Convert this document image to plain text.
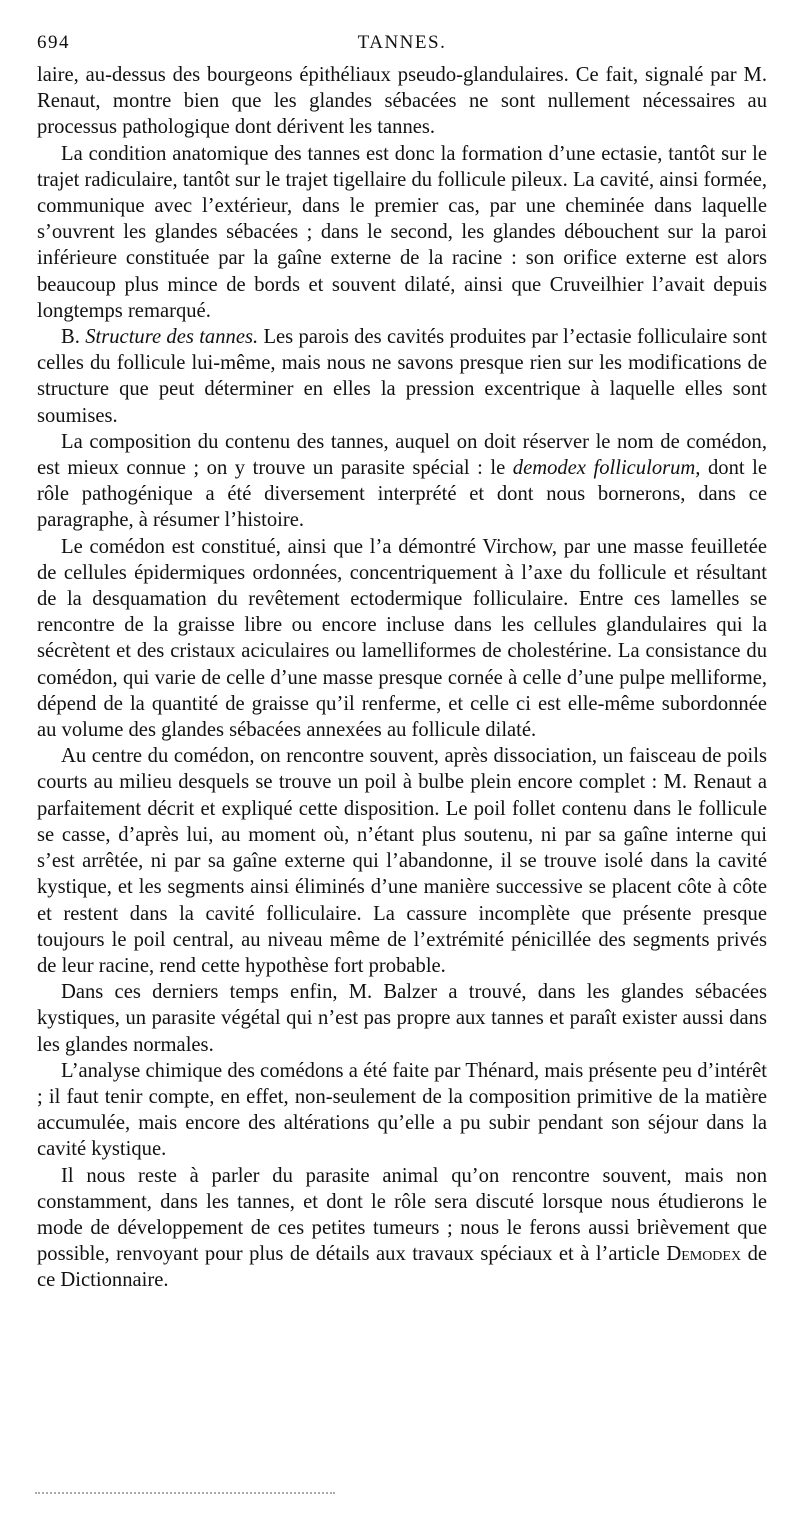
694	TANNES.

laire, au-dessus des bourgeons épithéliaux pseudo-glandulaires. Ce fait, signalé par M. Renaut, montre bien que les glandes sébacées ne sont nullement nécessaires au processus pathologique dont dérivent les tannes.

La condition anatomique des tannes est donc la formation d’une ectasie, tantôt sur le trajet radiculaire, tantôt sur le trajet tigellaire du follicule pileux. La cavité, ainsi formée, communique avec l’extérieur, dans le premier cas, par une cheminée dans laquelle s’ouvrent les glandes sébacées ; dans le second, les glandes débouchent sur la paroi inférieure constituée par la gaîne externe de la racine : son orifice externe est alors beaucoup plus mince de bords et souvent dilaté, ainsi que Cruveilhier l’avait depuis longtemps remarqué.

B. Structure des tannes. Les parois des cavités produites par l’ectasie folliculaire sont celles du follicule lui-même, mais nous ne savons presque rien sur les modifications de structure que peut déterminer en elles la pression excentrique à laquelle elles sont soumises.

La composition du contenu des tannes, auquel on doit réserver le nom de comédon, est mieux connue ; on y trouve un parasite spécial : le demodex folliculorum, dont le rôle pathogénique a été diversement interprété et dont nous bornerons, dans ce paragraphe, à résumer l’histoire.

Le comédon est constitué, ainsi que l’a démontré Virchow, par une masse feuilletée de cellules épidermiques ordonnées, concentriquement à l’axe du follicule et résultant de la desquamation du revêtement ectodermique folliculaire. Entre ces lamelles se rencontre de la graisse libre ou encore incluse dans les cellules glandulaires qui la sécrètent et des cristaux aciculaires ou lamelliformes de cholestérine. La consistance du comédon, qui varie de celle d’une masse presque cornée à celle d’une pulpe melliforme, dépend de la quantité de graisse qu’il renferme, et celle ci est elle-même subordonnée au volume des glandes sébacées annexées au follicule dilaté.

Au centre du comédon, on rencontre souvent, après dissociation, un faisceau de poils courts au milieu desquels se trouve un poil à bulbe plein encore complet : M. Renaut a parfaitement décrit et expliqué cette disposition. Le poil follet contenu dans le follicule se casse, d’après lui, au moment où, n’étant plus soutenu, ni par sa gaîne interne qui s’est arrêtée, ni par sa gaîne externe qui l’abandonne, il se trouve isolé dans la cavité kystique, et les segments ainsi éliminés d’une manière successive se placent côte à côte et restent dans la cavité folliculaire. La cassure incomplète que présente presque toujours le poil central, au niveau même de l’extrémité pénicillée des segments privés de leur racine, rend cette hypothèse fort probable.

Dans ces derniers temps enfin, M. Balzer a trouvé, dans les glandes sébacées kystiques, un parasite végétal qui n’est pas propre aux tannes et paraît exister aussi dans les glandes normales.

L’analyse chimique des comédons a été faite par Thénard, mais présente peu d’intérêt ; il faut tenir compte, en effet, non-seulement de la composition primitive de la matière accumulée, mais encore des altérations qu’elle a pu subir pendant son séjour dans la cavité kystique.

Il nous reste à parler du parasite animal qu’on rencontre souvent, mais non constamment, dans les tannes, et dont le rôle sera discuté lorsque nous étudierons le mode de développement de ces petites tumeurs ; nous le ferons aussi brièvement que possible, renvoyant pour plus de détails aux travaux spéciaux et à l’article Demodex de ce Dictionnaire.
